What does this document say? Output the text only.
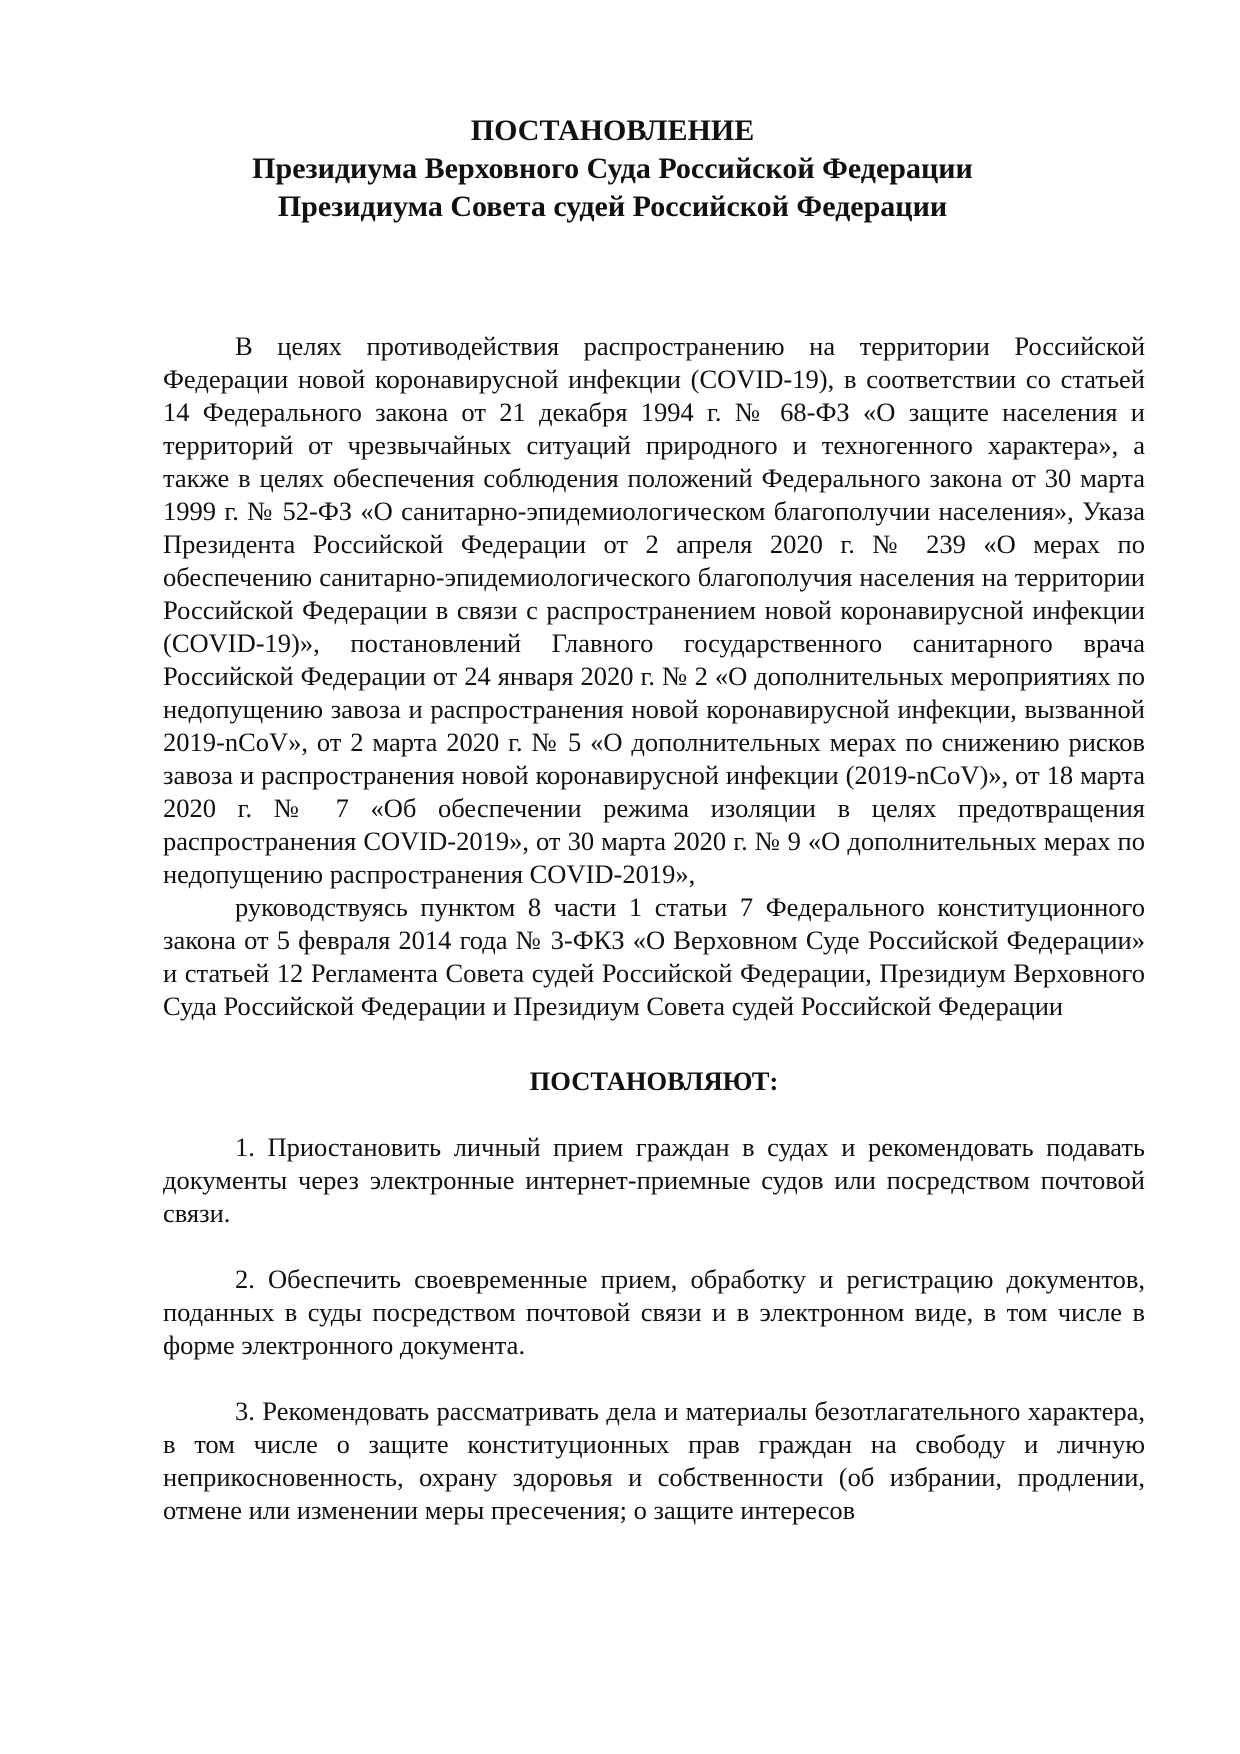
ПОСТАНОВЛЕНИЕ
Президиума Верховного Суда Российской Федерации
Президиума Совета судей Российской Федерации

В целях противодействия распространению на территории Российской Федерации новой коронавирусной инфекции (COVID-19), в соответствии со статьей 14 Федерального закона от 21 декабря 1994 г. № 68-ФЗ «О защите населения и территорий от чрезвычайных ситуаций природного и техногенного характера», а также в целях обеспечения соблюдения положений Федерального закона от 30 марта 1999 г. № 52-ФЗ «О санитарно-эпидемиологическом благополучии населения», Указа Президента Российской Федерации от 2 апреля 2020 г. № 239 «О мерах по обеспечению санитарно-эпидемиологического благополучия населения на территории Российской Федерации в связи с распространением новой коронавирусной инфекции (COVID-19)», постановлений Главного государственного санитарного врача Российской Федерации от 24 января 2020 г. № 2 «О дополнительных мероприятиях по недопущению завоза и распространения новой коронавирусной инфекции, вызванной 2019-nCoV», от 2 марта 2020 г. № 5 «О дополнительных мерах по снижению рисков завоза и распространения новой коронавирусной инфекции (2019-nCoV)», от 18 марта 2020 г. № 7 «Об обеспечении режима изоляции в целях предотвращения распространения COVID-2019», от 30 марта 2020 г. № 9 «О дополнительных мерах по недопущению распространения COVID-2019»,

руководствуясь пунктом 8 части 1 статьи 7 Федерального конституционного закона от 5 февраля 2014 года № 3-ФКЗ «О Верховном Суде Российской Федерации» и статьей 12 Регламента Совета судей Российской Федерации, Президиум Верховного Суда Российской Федерации и Президиум Совета судей Российской Федерации

ПОСТАНОВЛЯЮТ:

1. Приостановить личный прием граждан в судах и рекомендовать подавать документы через электронные интернет-приемные судов или посредством почтовой связи.

2. Обеспечить своевременные прием, обработку и регистрацию документов, поданных в суды посредством почтовой связи и в электронном виде, в том числе в форме электронного документа.

3. Рекомендовать рассматривать дела и материалы безотлагательного характера, в том числе о защите конституционных прав граждан на свободу и личную неприкосновенность, охрану здоровья и собственности (об избрании, продлении, отмене или изменении меры пресечения; о защите интересов
